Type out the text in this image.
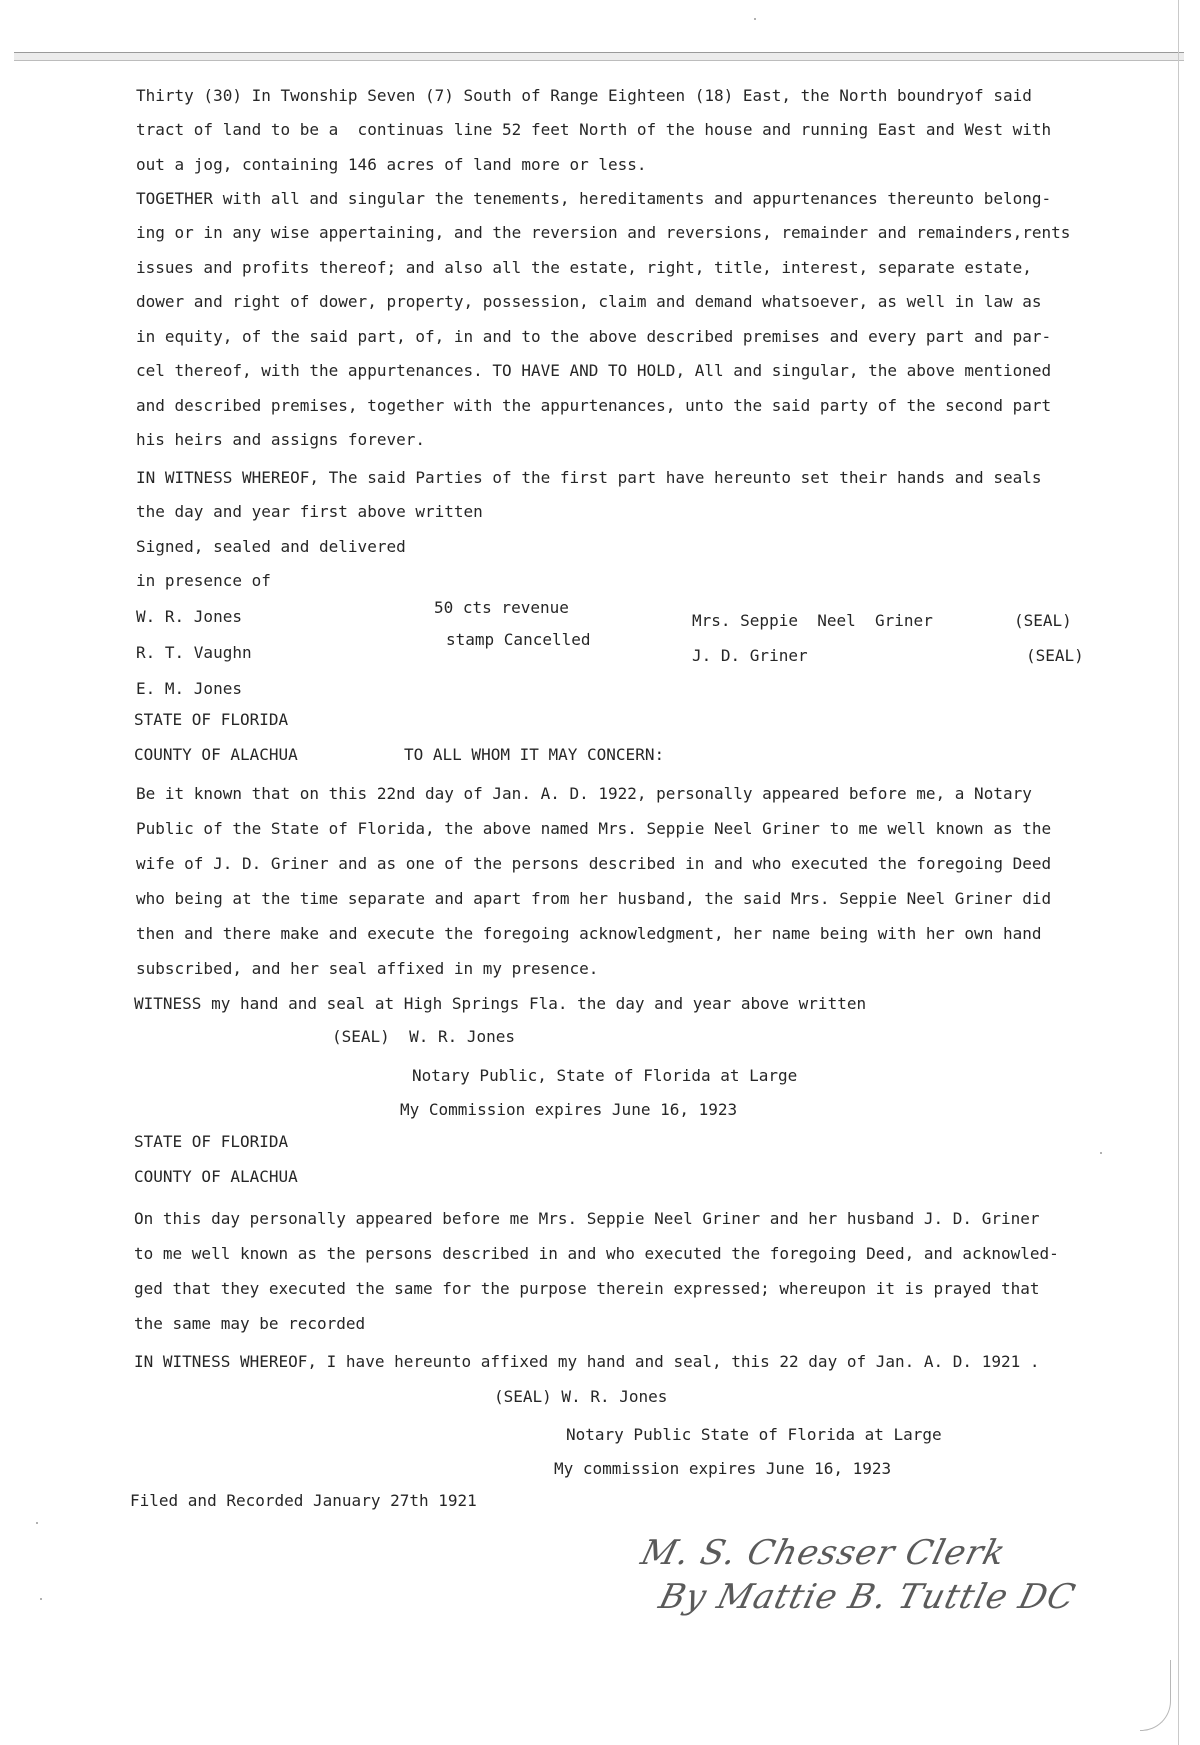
Thirty (30) In Twonship Seven (7) South of Range Eighteen (18) East, the North boundryof said

tract of land to be a  continuas line 52 feet North of the house and running East and West with

out a jog, containing 146 acres of land more or less.

TOGETHER with all and singular the tenements, hereditaments and appurtenances thereunto belong-

ing or in any wise appertaining, and the reversion and reversions, remainder and remainders,rents

issues and profits thereof; and also all the estate, right, title, interest, separate estate,

dower and right of dower, property, possession, claim and demand whatsoever, as well in law as

in equity, of the said part, of, in and to the above described premises and every part and par-

cel thereof, with the appurtenances. TO HAVE AND TO HOLD, All and singular, the above mentioned

and described premises, together with the appurtenances, unto the said party of the second part

his heirs and assigns forever.

IN WITNESS WHEREOF, The said Parties of the first part have hereunto set their hands and seals

the day and year first above written

Signed, sealed and delivered

in presence of

W. R. Jones

R. T. Vaughn

E. M. Jones

50 cts revenue

stamp Cancelled

Mrs. Seppie  Neel  Griner

J. D. Griner

(SEAL)

(SEAL)

STATE OF FLORIDA

COUNTY OF ALACHUA	TO ALL WHOM IT MAY CONCERN:

Be it known that on this 22nd day of Jan. A. D. 1922, personally appeared before me, a Notary

Public of the State of Florida, the above named Mrs. Seppie Neel Griner to me well known as the

wife of J. D. Griner and as one of the persons described in and who executed the foregoing Deed

who being at the time separate and apart from her husband, the said Mrs. Seppie Neel Griner did

then and there make and execute the foregoing acknowledgment, her name being with her own hand

subscribed, and her seal affixed in my presence.

WITNESS my hand and seal at High Springs Fla. the day and year above written

(SEAL)  W. R. Jones

Notary Public, State of Florida at Large

My Commission expires June 16, 1923

STATE OF FLORIDA

COUNTY OF ALACHUA

On this day personally appeared before me Mrs. Seppie Neel Griner and her husband J. D. Griner

to me well known as the persons described in and who executed the foregoing Deed, and acknowled-

ged that they executed the same for the purpose therein expressed; whereupon it is prayed that

the same may be recorded

IN WITNESS WHEREOF, I have hereunto affixed my hand and seal, this 22 day of Jan. A. D. 1921 .

(SEAL) W. R. Jones

Notary Public State of Florida at Large

My commission expires June 16, 1923

Filed and Recorded January 27th 1921

M. S. Chesser Clerk
By Mattie B. Tuttle DC
